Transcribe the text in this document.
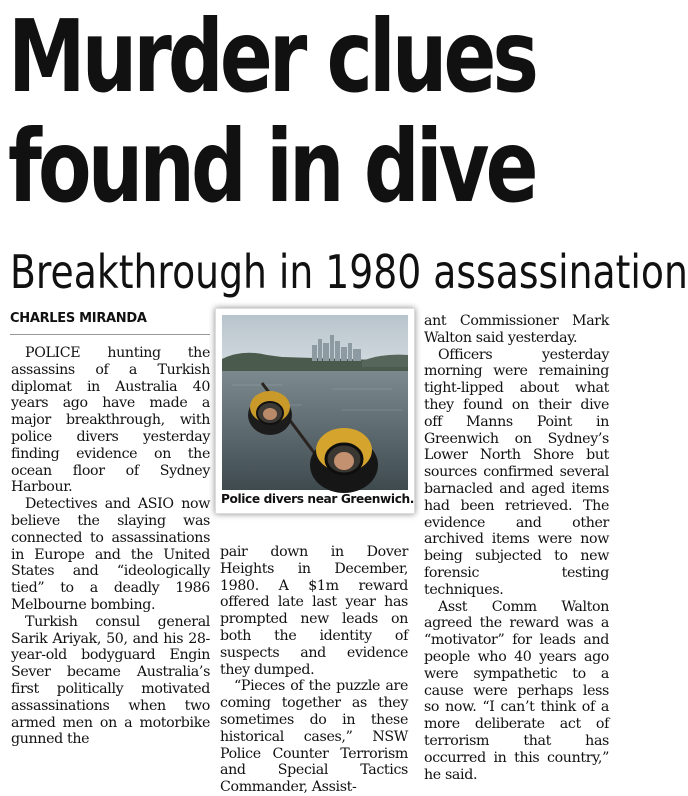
Murder clues
found in dive
Breakthrough in 1980 assassination
CHARLES MIRANDA

POLICE hunting the assassins of a Turkish diplomat in Australia 40 years ago have made a major breakthrough, with police divers yesterday finding evidence on the ocean floor of Sydney Harbour.

Detectives and ASIO now believe the slaying was connected to assassinations in Europe and the United States and “ideologically tied” to a deadly 1986 Melbourne bombing.

Turkish consul general Sarik Ariyak, 50, and his 28-year-old bodyguard Engin Sever became Australia’s first politically motivated assassinations when two armed men on a motorbike gunned the

Police divers near Greenwich.

pair down in Dover Heights in December, 1980. A $1m reward offered late last year has prompted new leads on both the identity of suspects and evidence they dumped.

“Pieces of the puzzle are coming together as they sometimes do in these historical cases,” NSW Police Counter Terrorism and Special Tactics Commander, Assist-

ant Commissioner Mark Walton said yesterday.

Officers yesterday morning were remaining tight-lipped about what they found on their dive off Manns Point in Greenwich on Sydney’s Lower North Shore but sources confirmed several barnacled and aged items had been retrieved. The evidence and other archived items were now being subjected to new forensic testing techniques.

Asst Comm Walton agreed the reward was a “motivator” for leads and people who 40 years ago were sympathetic to a cause were perhaps less so now. “I can’t think of a more deliberate act of terrorism that has occurred in this country,” he said.
